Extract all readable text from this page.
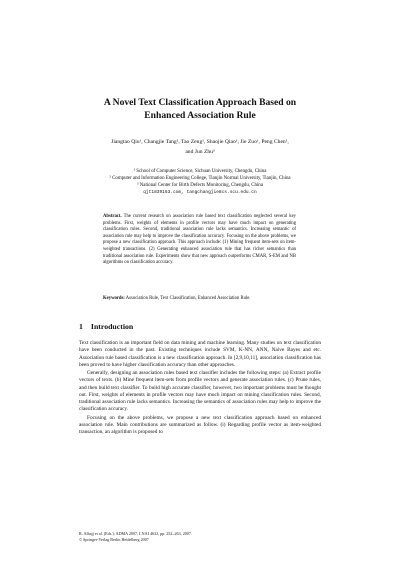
A Novel Text Classification Approach Based on
Enhanced Association Rule
Jiangtao Qiu¹, Changjie Tang¹, Tao Zeng¹, Shaojie Qiao¹, Jie Zuo¹, Peng Chen¹,
and Jun Zhu³
¹ School of Computer Science, Sichuan University, Chengdu, China
² Computer and Information Engineering College, Tianjin Normal University, Tianjin, China
³ National Center for Birth Defects Monitoring, Chengdu, China
qjt1839163.com, tangchangjie8cs.scu.edu.cn
Abstract. The current research on association rule based text classification neglected several key problems. First, weights of elements in profile vectors may have much impact on generating classification rules. Second, traditional association rule lacks semantics. Increasing semantic of association rule may help to improve the classification accuracy. Focusing on the above problems, we propose a new classification approach. This approach include: (1) Mining frequent item-sets on item-weighted transactions. (2) Generating enhanced association rule that has richer semantics than traditional association rule. Experiments show that new approach outperforms CMAR, S-EM and NB algorithms on classification accuracy.
Keywords: Association Rule, Text Classification, Enhanced Association Rule.
1 Introduction

Text classification is an important field on data mining and machine learning. Many studies on text classification have been conducted in the past. Existing techniques include SVM, K-NN, ANN, Naive Bayes and etc. Association rule based classification is a new classification approach. In [2,9,10,11], association classification has been proved to have higher classification accuracy than other approaches.

Generally, designing an association rules based text classifier includes the following steps: (a) Extract profile vectors of texts. (b) Mine frequent item-sets from profile vectors and generate association rules. (c) Prune rules, and then build text classifier. To build high accurate classifier, however, two important problems must be thought out. First, weights of elements in profile vectors may have much impact on mining classification rules. Second, traditional association rule lacks semantics. Increasing the semantics of association rules may help to improve the classification accuracy.

Focusing on the above problems, we propose a new text classification approach based on enhanced association rule. Main contributions are summarized as follow. (i) Regarding profile vector as item-weighted transaction, an algorithm is proposed to

R. Alhajj et al. (Eds.): ADMA 2007, LNAI 4632, pp. 252–263, 2007.
© Springer-Verlag Berlin Heidelberg 2007
